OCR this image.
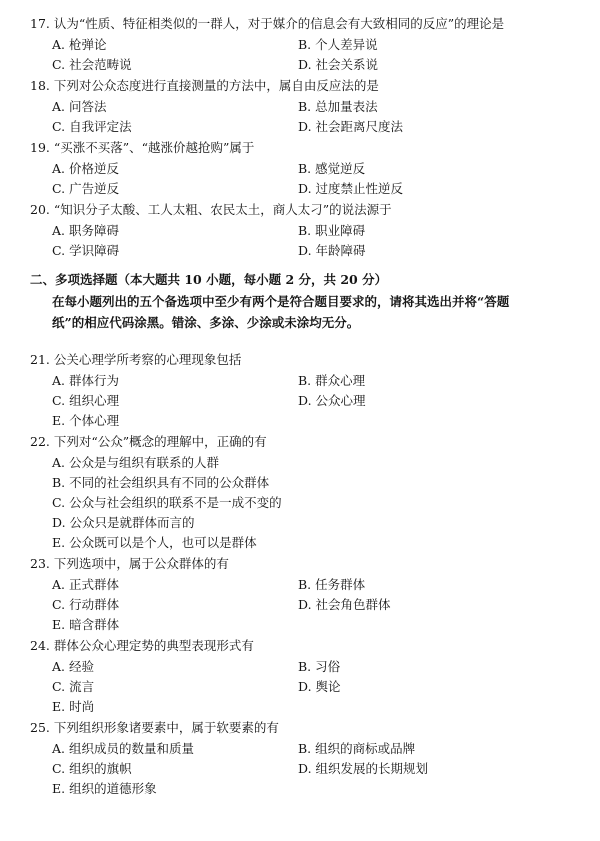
17. 认为“性质、特征相类似的一群人，对于媒介的信息会有大致相同的反应”的理论是
A. 枪弹论	B. 个人差异说
C. 社会范畴说	D. 社会关系说
18. 下列对公众态度进行直接测量的方法中，属自由反应法的是
A. 问答法	B. 总加量表法
C. 自我评定法	D. 社会距离尺度法
19. “买涨不买落”、“越涨价越抢购”属于
A. 价格逆反	B. 感觉逆反
C. 广告逆反	D. 过度禁止性逆反
20. “知识分子太酸、工人太粗、农民太土，商人太刁”的说法源于
A. 职务障碍	B. 职业障碍
C. 学识障碍	D. 年龄障碍
二、多项选择题（本大题共 10 小题，每小题 2 分，共 20 分）
在每小题列出的五个备选项中至少有两个是符合题目要求的，请将其选出并将“答题
纸”的相应代码涂黑。错涂、多涂、少涂或未涂均无分。
21. 公关心理学所考察的心理现象包括
A. 群体行为	B. 群众心理
C. 组织心理	D. 公众心理
E. 个体心理
22. 下列对“公众”概念的理解中，正确的有
A. 公众是与组织有联系的人群
B. 不同的社会组织具有不同的公众群体
C. 公众与社会组织的联系不是一成不变的
D. 公众只是就群体而言的
E. 公众既可以是个人，也可以是群体
23. 下列选项中，属于公众群体的有
A. 正式群体	B. 任务群体
C. 行动群体	D. 社会角色群体
E. 暗含群体
24. 群体公众心理定势的典型表现形式有
A. 经验	B. 习俗
C. 流言	D. 舆论
E. 时尚
25. 下列组织形象诸要素中，属于软要素的有
A. 组织成员的数量和质量	B. 组织的商标或品牌
C. 组织的旗帜	D. 组织发展的长期规划
E. 组织的道德形象
